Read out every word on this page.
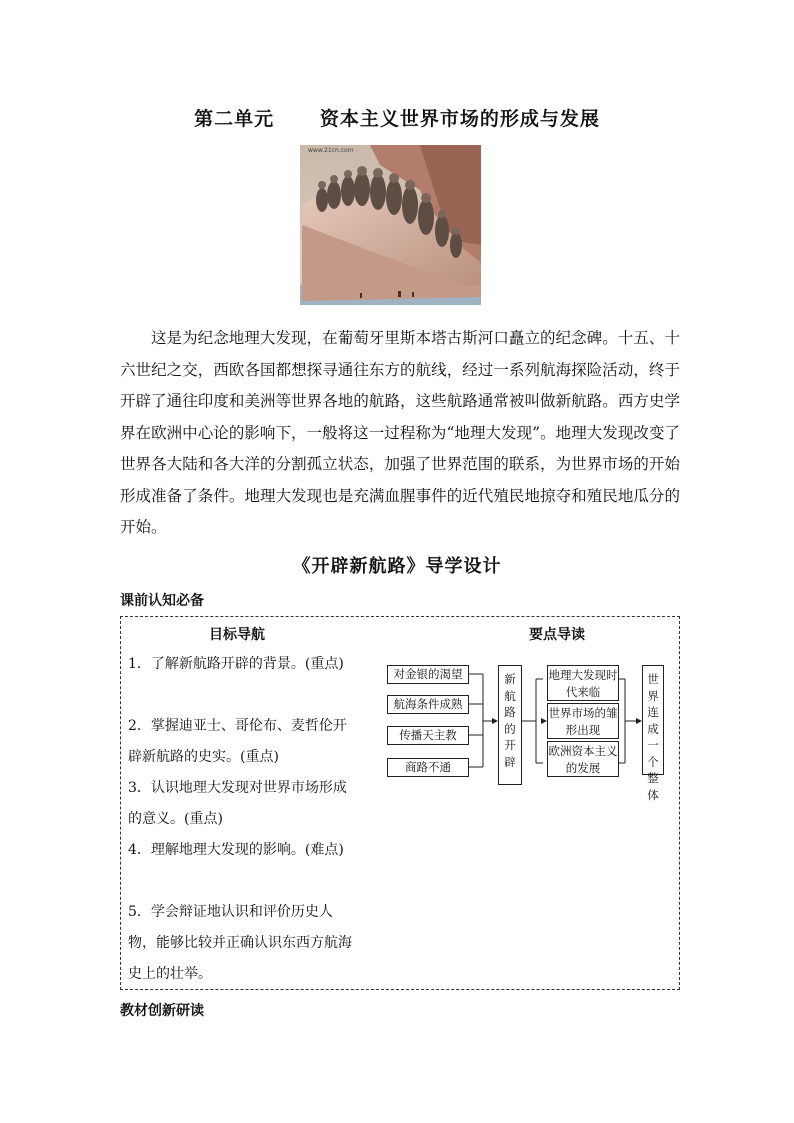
第二单元      资本主义世界市场的形成与发展
www.21cn.com

这是为纪念地理大发现，在葡萄牙里斯本塔古斯河口矗立的纪念碑。十五、十六世纪之交，西欧各国都想探寻通往东方的航线，经过一系列航海探险活动，终于开辟了通往印度和美洲等世界各地的航路，这些航路通常被叫做新航路。西方史学界在欧洲中心论的影响下，一般将这一过程称为“地理大发现”。地理大发现改变了世界各大陆和各大洋的分割孤立状态，加强了世界范围的联系，为世界市场的开始形成准备了条件。地理大发现也是充满血腥事件的近代殖民地掠夺和殖民地瓜分的开始。

《开辟新航路》导学设计
课前认知必备
目标导航	要点导读

1．了解新航路开辟的背景。(重点)

2．掌握迪亚士、哥伦布、麦哲伦开辟新航路的史实。(重点)

3．认识地理大发现对世界市场形成的意义。(重点)

4．理解地理大发现的影响。(难点)

5．学会辩证地认识和评价历史人物，能够比较并正确认识东西方航海史上的壮举。

对金银的渴望
航海条件成熟
传播天主教
商路不通
新航路的开辟
地理大发现时代来临
世界市场的雏形出现
欧洲资本主义的发展
世界连成一个整体
教材创新研读
